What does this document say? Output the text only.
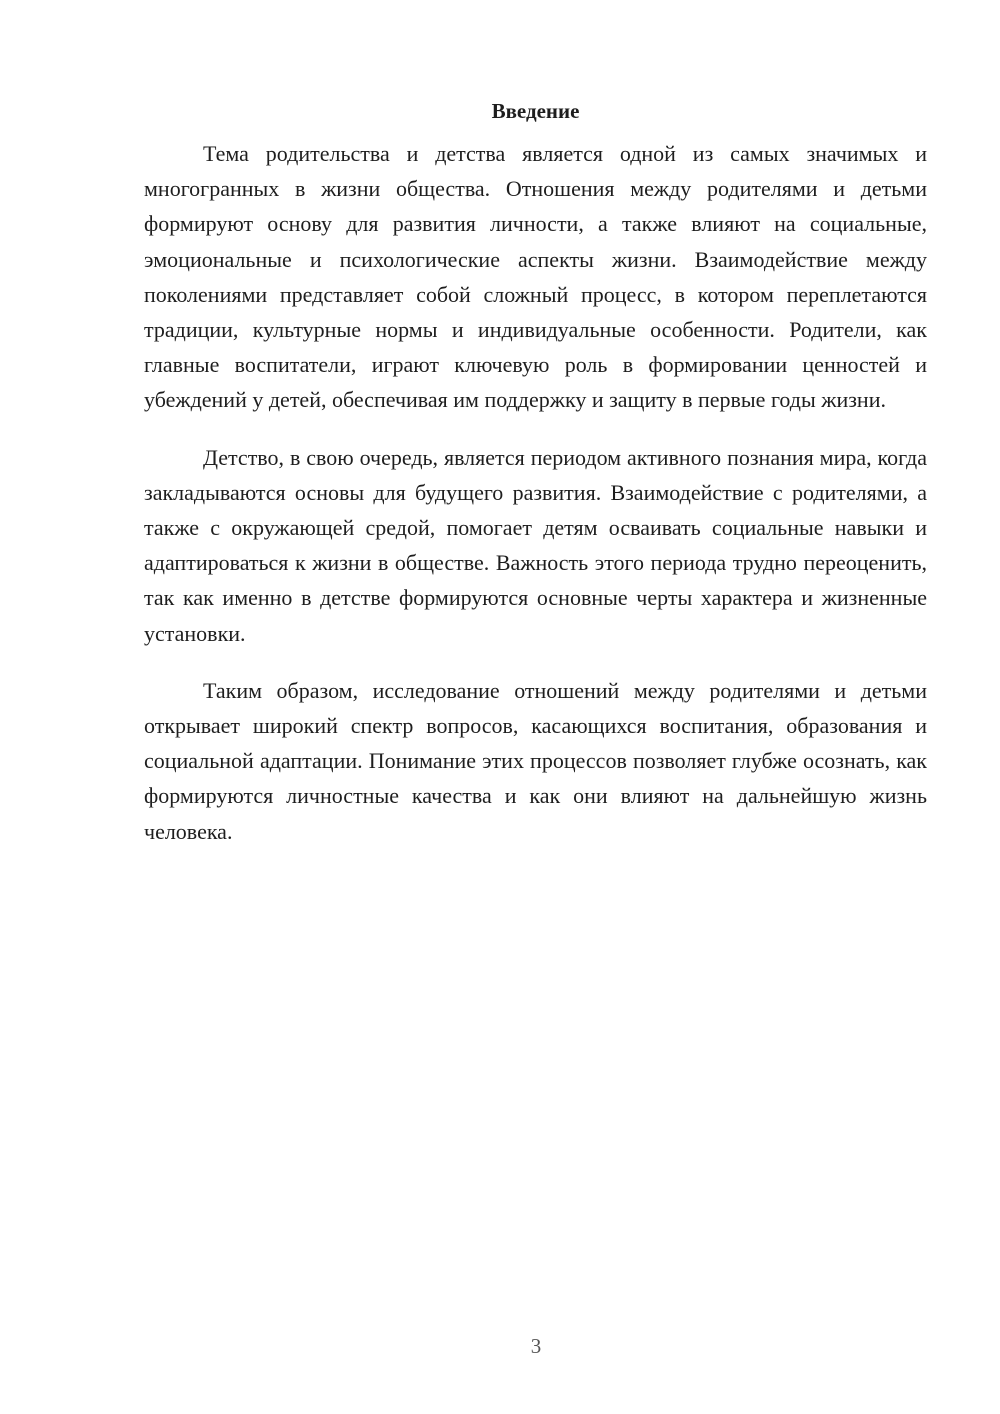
Введение

Тема родительства и детства является одной из самых значимых и многогранных в жизни общества. Отношения между родителями и детьми формируют основу для развития личности, а также влияют на социальные, эмоциональные и психологические аспекты жизни. Взаимодействие между поколениями представляет собой сложный процесс, в котором переплетаются традиции, культурные нормы и индивидуальные особенности. Родители, как главные воспитатели, играют ключевую роль в формировании ценностей и убеждений у детей, обеспечивая им поддержку и защиту в первые годы жизни.

Детство, в свою очередь, является периодом активного познания мира, когда закладываются основы для будущего развития. Взаимодействие с родителями, а также с окружающей средой, помогает детям осваивать социальные навыки и адаптироваться к жизни в обществе. Важность этого периода трудно переоценить, так как именно в детстве формируются основные черты характера и жизненные установки.

Таким образом, исследование отношений между родителями и детьми открывает широкий спектр вопросов, касающихся воспитания, образования и социальной адаптации. Понимание этих процессов позволяет глубже осознать, как формируются личностные качества и как они влияют на дальнейшую жизнь человека.

3
